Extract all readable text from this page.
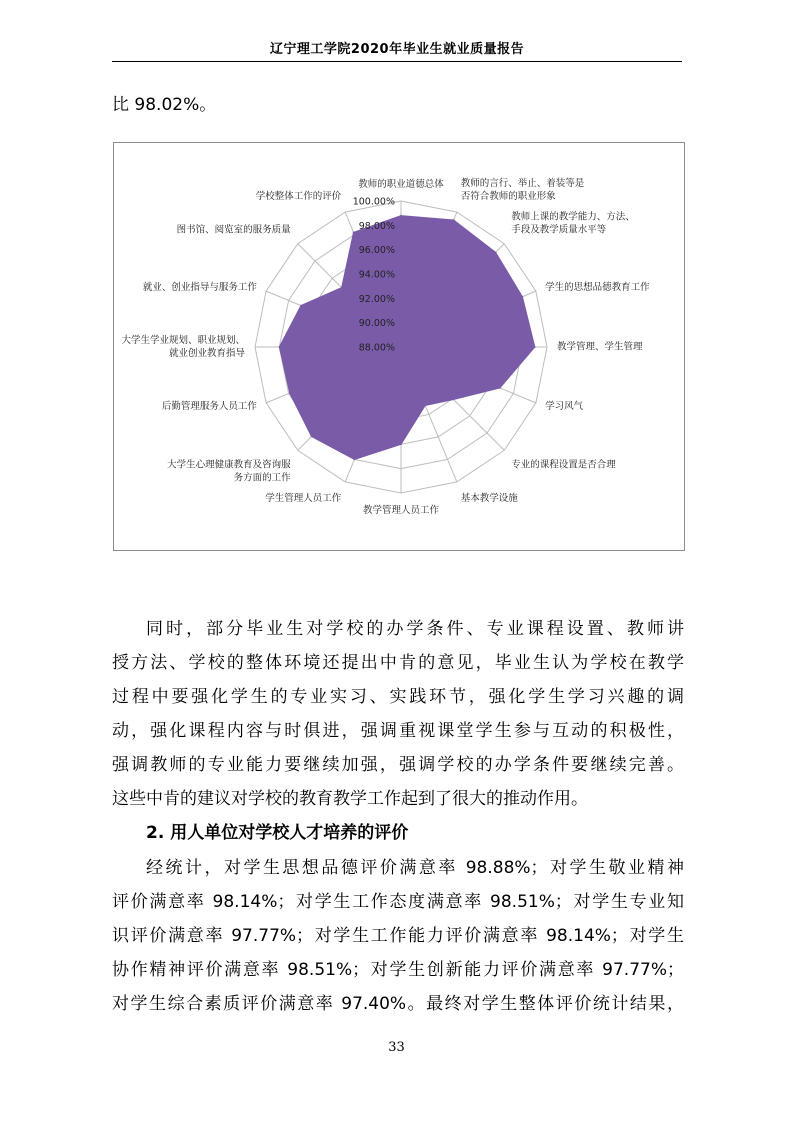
辽宁理工学院2020年毕业生就业质量报告
比 98.02%。
88.00%
90.00%
92.00%
94.00%
96.00%
98.00%
100.00%
教师的职业道德总体 教师的言行、举止、着装等是
否符合教师的职业形象
教师上课的教学能力、方法、
手段及教学质量水平等
学生的思想品德教育工作
教学管理、学生管理
学习风气
专业的课程设置是否合理
基本教学设施
教学管理人员工作
学生管理人员工作
大学生心理健康教育及咨询服
务方面的工作
后勤管理服务人员工作
大学生学业规划、职业规划、
就业创业教育指导
就业、创业指导与服务工作
图书馆、阅览室的服务质量
学校整体工作的评价
同时，部分毕业生对学校的办学条件、专业课程设置、教师讲
授方法、学校的整体环境还提出中肯的意见，毕业生认为学校在教学
过程中要强化学生的专业实习、实践环节，强化学生学习兴趣的调
动，强化课程内容与时俱进，强调重视课堂学生参与互动的积极性，
强调教师的专业能力要继续加强，强调学校的办学条件要继续完善。
这些中肯的建议对学校的教育教学工作起到了很大的推动作用。
2. 用人单位对学校人才培养的评价
经统计，对学生思想品德评价满意率 98.88%；对学生敬业精神
评价满意率 98.14%；对学生工作态度满意率 98.51%；对学生专业知
识评价满意率 97.77%；对学生工作能力评价满意率 98.14%；对学生
协作精神评价满意率 98.51%；对学生创新能力评价满意率 97.77%；
对学生综合素质评价满意率 97.40%。最终对学生整体评价统计结果，
33
